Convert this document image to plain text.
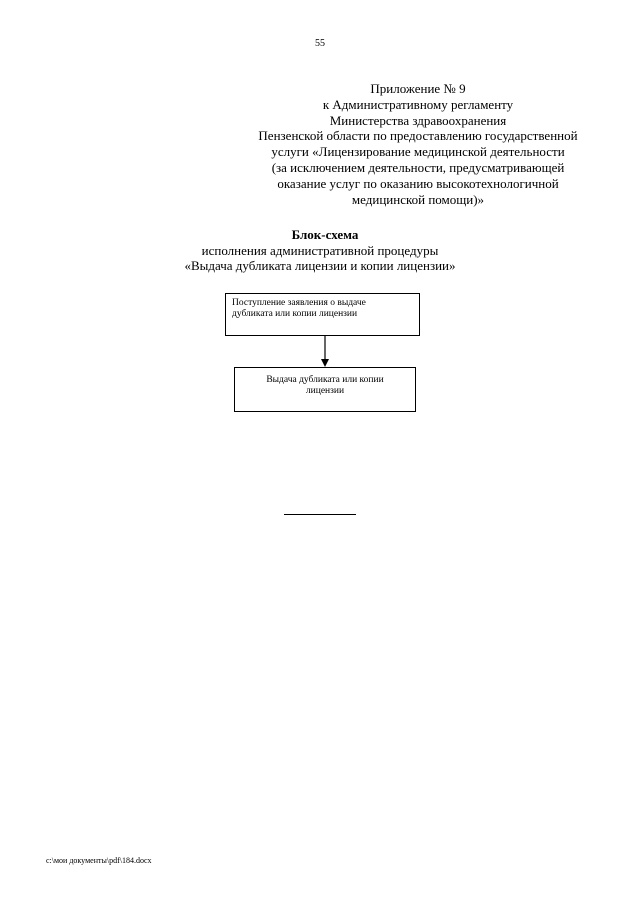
55
Приложение № 9
к Административному регламенту
Министерства здравоохранения
Пензенской области по предоставлению государственной
услуги «Лицензирование медицинской деятельности
(за исключением деятельности, предусматривающей
оказание услуг по оказанию высокотехнологичной
медицинской помощи)»
Блок-схема
исполнения административной процедуры
«Выдача дубликата лицензии и копии лицензии»
Поступление заявления о выдаче
дубликата или копии лицензии
Выдача дубликата или копии
лицензии
c:\мои документы\pdf\184.docx
